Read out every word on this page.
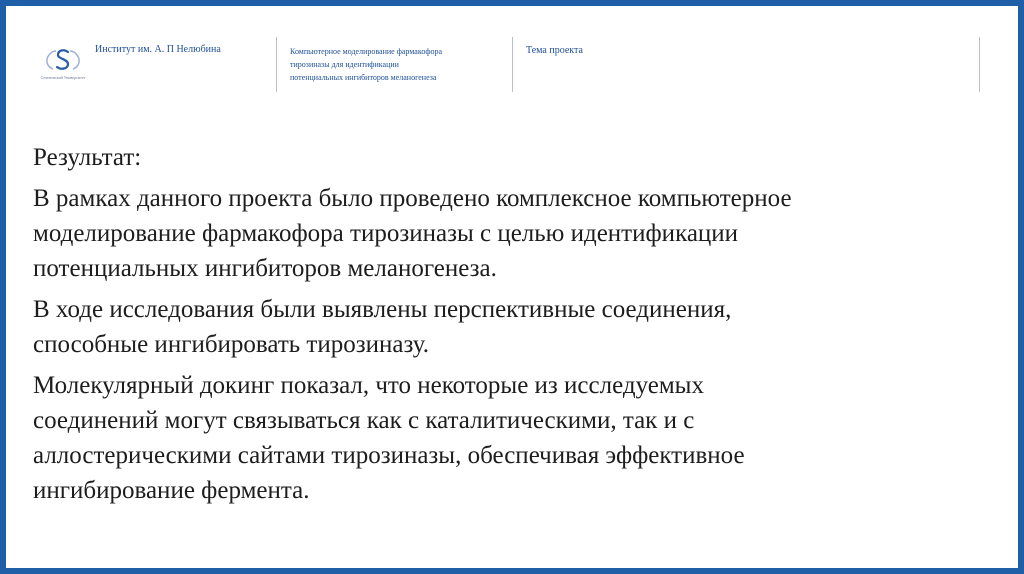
Сеченовский Университет
Институт им. А. П Нелюбина	Компьютерное моделирование фармакофора
тирозиназы для идентификации
потенциальных ингибиторов меланогенеза
Тема проекта

Результат:

В рамках данного проекта было проведено комплексное компьютерное
моделирование фармакофора тирозиназы с целью идентификации
потенциальных ингибиторов меланогенеза.

В ходе исследования были выявлены перспективные соединения,
способные ингибировать тирозиназу.

Молекулярный докинг показал, что некоторые из исследуемых
соединений могут связываться как с каталитическими, так и с
аллостерическими сайтами тирозиназы, обеспечивая эффективное
ингибирование фермента.
